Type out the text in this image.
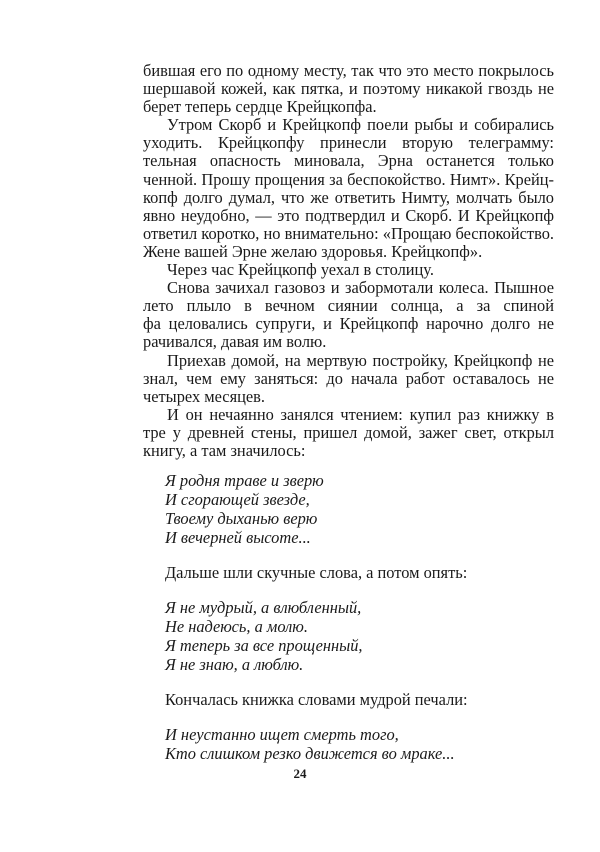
бившая его по одному месту, так что это место покрылось
шершавой кожей, как пятка, и поэтому никакой гвоздь не
берет теперь сердце Крейцкопфа.
Утром Скорб и Крейцкопф поели рыбы и собирались
уходить. Крейцкопфу принесли вторую телеграмму:
тельная опасность миновала, Эрна останется только
ченной. Прошу прощения за беспокойство. Нимт». Крейц-
копф долго думал, что же ответить Нимту, молчать было
явно неудобно, — это подтвердил и Скорб. И Крейцкопф
ответил коротко, но внимательно: «Прощаю беспокойство.
Жене вашей Эрне желаю здоровья. Крейцкопф».
Через час Крейцкопф уехал в столицу.
Снова зачихал газовоз и забормотали колеса. Пышное
лето плыло в вечном сиянии солнца, а за спиной
фа целовались супруги, и Крейцкопф нарочно долго не
рачивался, давая им волю.
Приехав домой, на мертвую постройку, Крейцкопф не
знал, чем ему заняться: до начала работ оставалось не
четырех месяцев.
И он нечаянно занялся чтением: купил раз книжку в
тре у древней стены, пришел домой, зажег свет, открыл
книгу, а там значилось:
Я родня траве и зверю
И сгорающей звезде,
Твоему дыханью верю
И вечерней высоте...
Дальше шли скучные слова, а потом опять:
Я не мудрый, а влюбленный,
Не надеюсь, а молю.
Я теперь за все прощенный,
Я не знаю, а люблю.
Кончалась книжка словами мудрой печали:
И неустанно ищет смерть того,
Кто слишком резко движется во мраке...
24
